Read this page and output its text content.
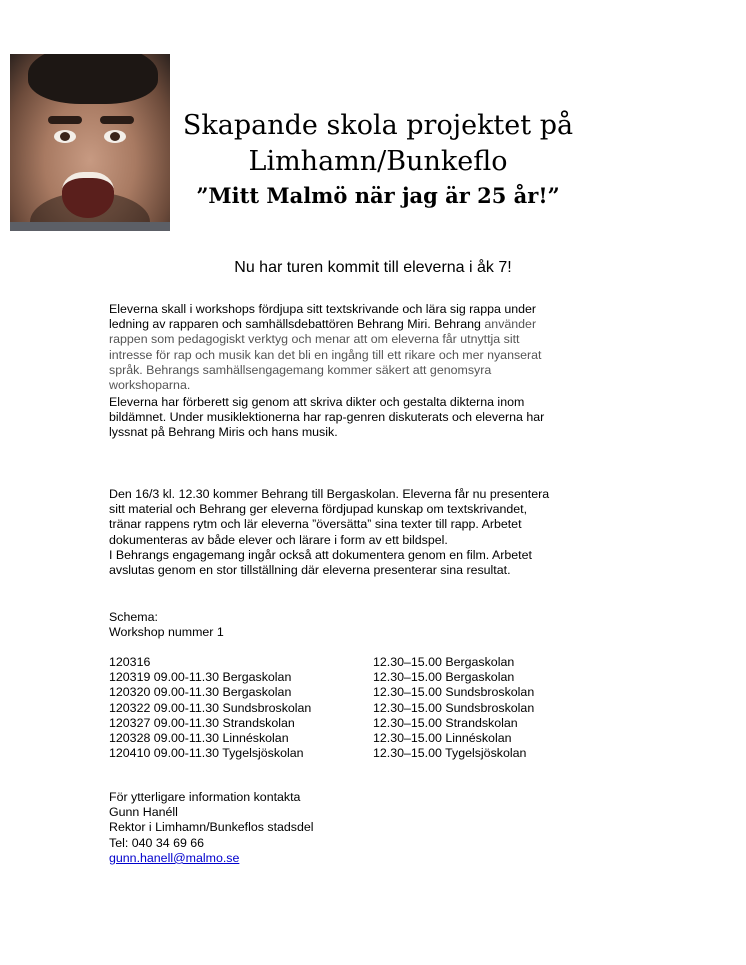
Skapande skola projektet på
Limhamn/Bunkeflo
”Mitt Malmö när jag är 25 år!”
Nu har turen kommit till eleverna i åk 7!

Eleverna skall i workshops fördjupa sitt textskrivande och lära sig rappa under

ledning av rapparen och samhällsdebattören Behrang Miri. Behrang använder

rappen som pedagogiskt verktyg och menar att om eleverna får utnyttja sitt

intresse för rap och musik kan det bli en ingång till ett rikare och mer nyanserat

språk. Behrangs samhällsengagemang kommer säkert att genomsyra

workshoparna.

Eleverna har förberett sig genom att skriva dikter och gestalta dikterna inom

bildämnet. Under musiklektionerna har rap-genren diskuterats och eleverna har

lyssnat på Behrang Miris och hans musik.

Den 16/3 kl. 12.30 kommer Behrang till Bergaskolan. Eleverna får nu presentera

sitt material och Behrang ger eleverna fördjupad kunskap om textskrivandet,

tränar rappens rytm och lär eleverna ”översätta” sina texter till rapp. Arbetet

dokumenteras av både elever och lärare i form av ett bildspel.

I Behrangs engagemang ingår också att dokumentera genom en film. Arbetet

avslutas genom en stor tillställning där eleverna presenterar sina resultat.

Schema:

Workshop nummer 1

120316
120319 09.00-11.30 Bergaskolan
120320 09.00-11.30 Bergaskolan
120322 09.00-11.30 Sundsbroskolan
120327 09.00-11.30 Strandskolan
120328 09.00-11.30 Linnéskolan
120410 09.00-11.30 Tygelsjöskolan
12.30–15.00 Bergaskolan
12.30–15.00 Bergaskolan
12.30–15.00 Sundsbroskolan
12.30–15.00 Sundsbroskolan
12.30–15.00 Strandskolan
12.30–15.00 Linnéskolan
12.30–15.00 Tygelsjöskolan
För ytterligare information kontakta
Gunn Hanéll
Rektor i Limhamn/Bunkeflos stadsdel
Tel: 040 34 69 66
gunn.hanell@malmo.se
